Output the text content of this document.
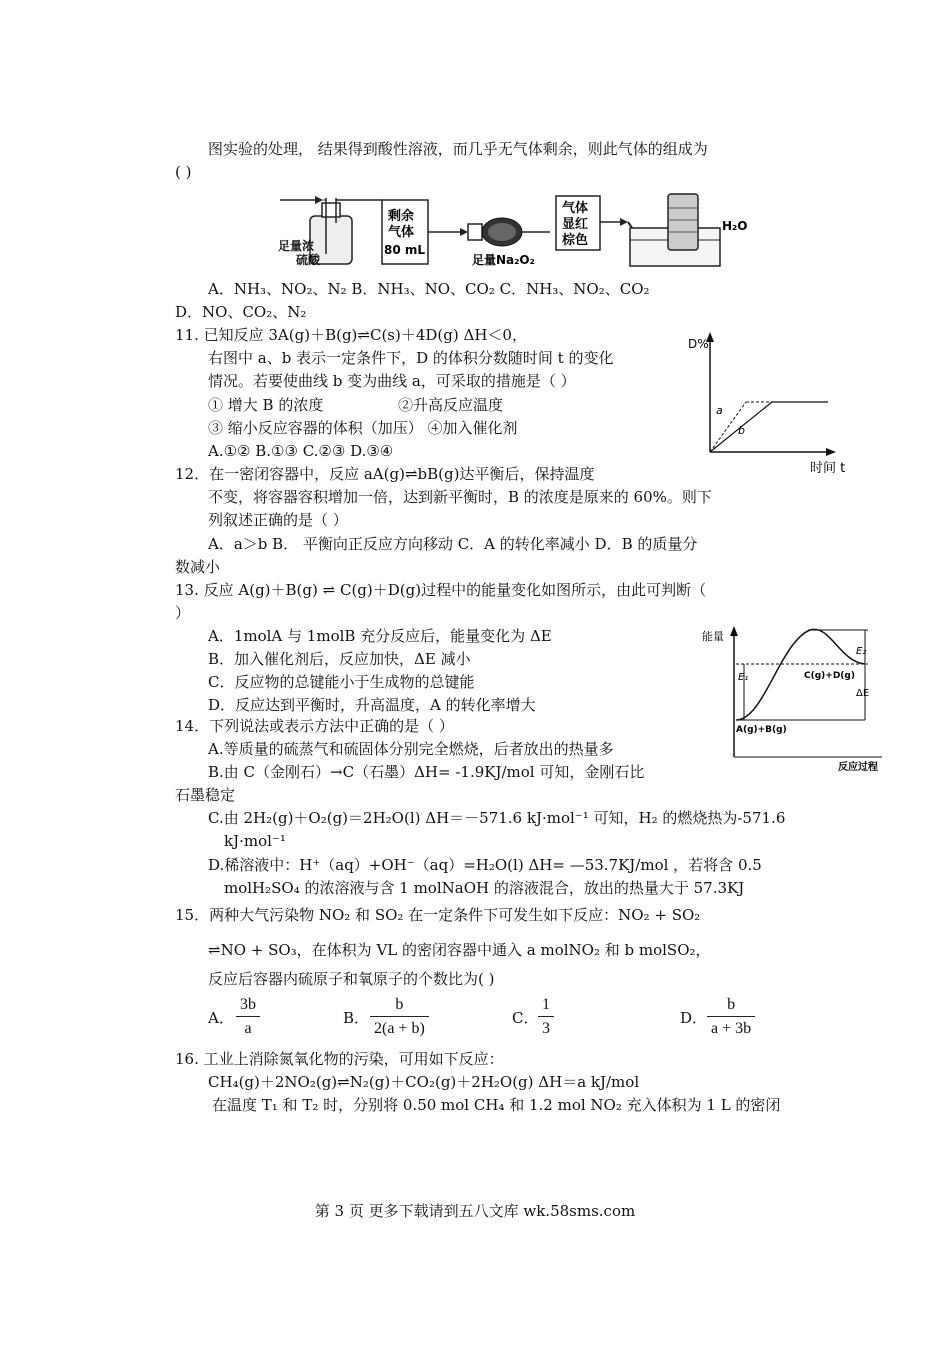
图实验的处理， 结果得到酸性溶液，而几乎无气体剩余，则此气体的组成为
( )
足量浓
硫酸
剩余
气体
80 mL
足量Na₂O₂
气体
显红
棕色
H₂O
A．NH₃、NO₂、N₂ B．NH₃、NO、CO₂ C．NH₃、NO₂、CO₂
D．NO、CO₂、N₂
11. 已知反应 3A(g)＋B(g)⇌C(s)＋4D(g) ΔH＜0，
右图中 a、b 表示一定条件下，D 的体积分数随时间 t 的变化
情况。若要使曲线 b 变为曲线 a，可采取的措施是（ ）
① 增大 B 的浓度	②升高反应温度
③ 缩小反应容器的体积（加压） ④加入催化剂
A.①② B.①③ C.②③ D.③④
D%
时间 t
a
b
12．在一密闭容器中，反应 aA(g)⇌bB(g)达平衡后，保持温度
不变，将容器容积增加一倍，达到新平衡时，B 的浓度是原来的 60%。则下
列叙述正确的是（ ）
A．a＞b B． 平衡向正反应方向移动 C．A 的转化率减小 D．B 的质量分
数减小
13. 反应 A(g)＋B(g) ⇌ C(g)＋D(g)过程中的能量变化如图所示，由此可判断（
）
A．1molA 与 1molB 充分反应后，能量变化为 ΔE
B．加入催化剂后，反应加快，ΔE 减小
C．反应物的总键能小于生成物的总键能
D．反应达到平衡时，升高温度，A 的转化率增大
能量
反应过程
E₂
E₁
ΔE
C(g)+D(g)
A(g)+B(g)
14．下列说法或表示方法中正确的是（ ）
A.等质量的硫蒸气和硫固体分别完全燃烧，后者放出的热量多
B.由 C（金刚石）→C（石墨）ΔH= -1.9KJ/mol 可知，金刚石比
石墨稳定
C.由 2H₂(g)＋O₂(g)＝2H₂O(l) ΔH＝－571.6 kJ·mol⁻¹ 可知，H₂ 的燃烧热为-571.6
kJ·mol⁻¹
D.稀溶液中：H⁺（aq）+OH⁻（aq）=H₂O(l) ΔH= —53.7KJ/mol ，若将含 0.5
molH₂SO₄ 的浓溶液与含 1 molNaOH 的溶液混合，放出的热量大于 57.3KJ
15．两种大气污染物 NO₂ 和 SO₂ 在一定条件下可发生如下反应：NO₂ + SO₂
⇌NO + SO₃，在体积为 VL 的密闭容器中通入 a molNO₂ 和 b molSO₂，
反应后容器内硫原子和氧原子的个数比为( )
A． $\frac{3b}{a}$	B． $\frac{b}{2(a + b)}$	C． $\frac{1}{3}$	D． $\frac{b}{a + 3b}$
16. 工业上消除氮氧化物的污染，可用如下反应：
CH₄(g)＋2NO₂(g)⇌N₂(g)＋CO₂(g)＋2H₂O(g) ΔH＝a kJ/mol
在温度 T₁ 和 T₂ 时，分别将 0.50 mol CH₄ 和 1.2 mol NO₂ 充入体积为 1 L 的密闭
第 3 页 更多下载请到五八文库 wk.58sms.com
